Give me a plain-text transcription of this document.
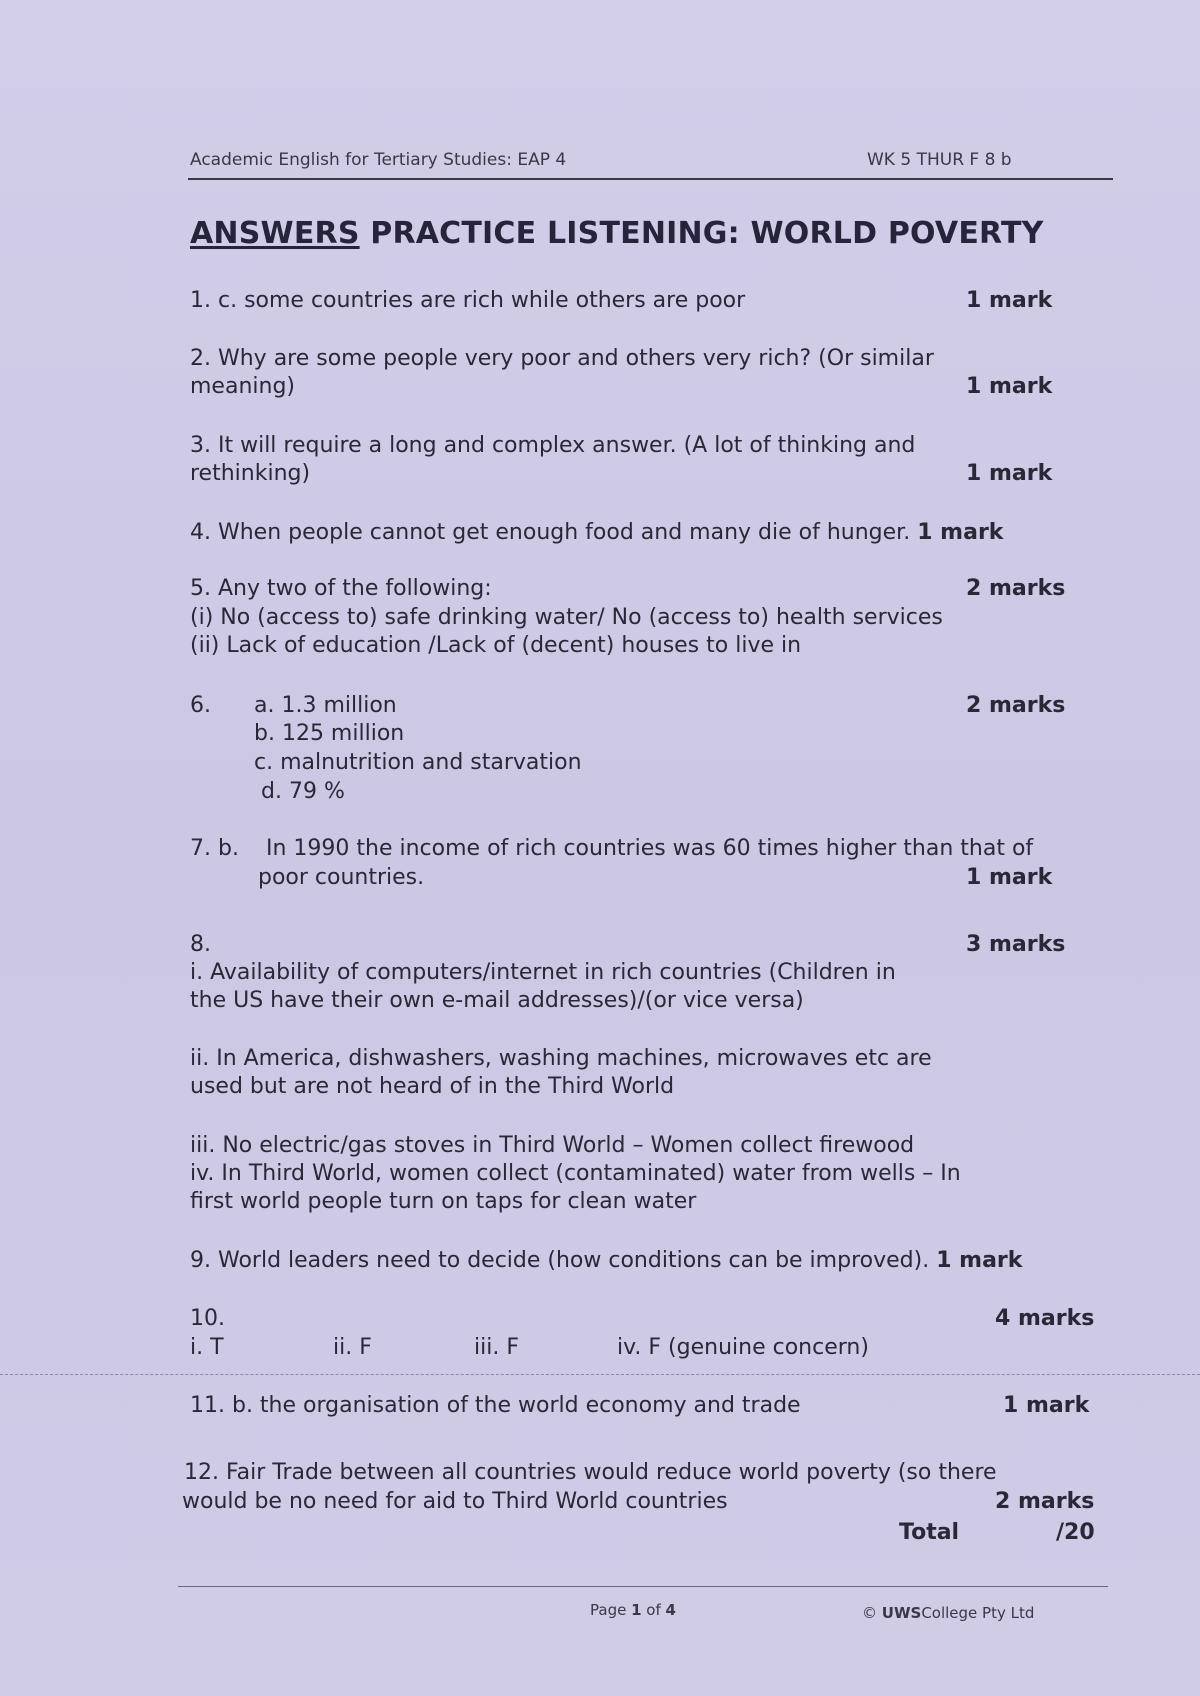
Academic English for Tertiary Studies: EAP 4	WK 5 THUR F 8 b
ANSWERS PRACTICE LISTENING: WORLD POVERTY
1. c. some countries are rich while others are poor	1 mark
2. Why are some people very poor and others very rich? (Or similar
meaning)	1 mark
3. It will require a long and complex answer. (A lot of thinking and
rethinking)	1 mark
4. When people cannot get enough food and many die of hunger. 1 mark
5. Any two of the following:	2 marks
(i) No (access to) safe drinking water/ No (access to) health services
(ii) Lack of education /Lack of (decent) houses to live in
6.	2 marks
a. 1.3 million
b. 125 million
c. malnutrition and starvation
d. 79 %
7. b. In 1990 the income of rich countries was 60 times higher than that of
poor countries.	1 mark
8.	3 marks
i. Availability of computers/internet in rich countries (Children in
the US have their own e-mail addresses)/(or vice versa)
ii. In America, dishwashers, washing machines, microwaves etc are
used but are not heard of in the Third World
iii. No electric/gas stoves in Third World – Women collect firewood
iv. In Third World, women collect (contaminated) water from wells – In
first world people turn on taps for clean water
9. World leaders need to decide (how conditions can be improved). 1 mark
10.	4 marks
i. T	ii. F	iii. F	iv. F (genuine concern)
11. b. the organisation of the world economy and trade	1 mark
12. Fair Trade between all countries would reduce world poverty (so there
would be no need for aid to Third World countries	2 marks
Total	/20
Page 1 of 4	© UWSCollege Pty Ltd
